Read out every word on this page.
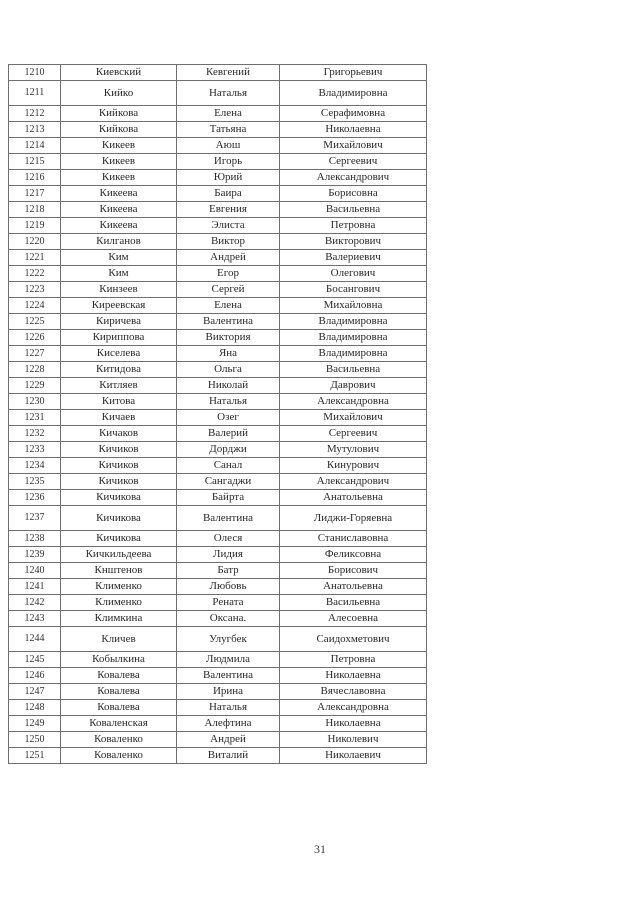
1210	Киевский	Кевгений	Григорьевич
1211	Кийко	Наталья	Владимировна
1212	Кийкова	Елена	Серафимовна
1213	Кийкова	Татьяна	Николаевна
1214	Кикеев	Аюш	Михайлович
1215	Кикеев	Игорь	Сергеевич
1216	Кикеев	Юрий	Александрович
1217	Кикеева	Баира	Борисовна
1218	Кикеева	Евгения	Васильевна
1219	Кикеева	Элиста	Петровна
1220	Килганов	Виктор	Викторович
1221	Ким	Андрей	Валериевич
1222	Ким	Егор	Олегович
1223	Кинзеев	Сергей	Босангович
1224	Киреевская	Елена	Михайловна
1225	Киричева	Валентина	Владимировна
1226	Кириппова	Виктория	Владимировна
1227	Киселева	Яна	Владимировна
1228	Китидова	Ольга	Васильевна
1229	Китляев	Николай	Даврович
1230	Китова	Наталья	Александровна
1231	Кичаев	Озег	Михайлович
1232	Кичаков	Валерий	Сергеевич
1233	Кичиков	Дорджи	Мутулович
1234	Кичиков	Санал	Кинурович
1235	Кичиков	Сангаджи	Александрович
1236	Кичикова	Байрта	Анатольевна
1237	Кичикова	Валентина	Лиджи-Горяевна
1238	Кичикова	Олеся	Станиславовна
1239	Кичкильдеева	Лидия	Феликсовна
1240	Кнштенов	Батр	Борисович
1241	Клименко	Любовь	Анатольевна
1242	Клименко	Рената	Васильевна
1243	Климкина	Оксана.	Алесоевна
1244	Кличев	Улугбек	Саидохметович
1245	Кобылкина	Людмила	Петровна
1246	Ковалева	Валентина	Николаевна
1247	Ковалева	Ирина	Вячеславовна
1248	Ковалева	Наталья	Александровна
1249	Коваленская	Алефтина	Николаевна
1250	Коваленко	Андрей	Николевич
1251	Коваленко	Виталий	Николаевич
31
